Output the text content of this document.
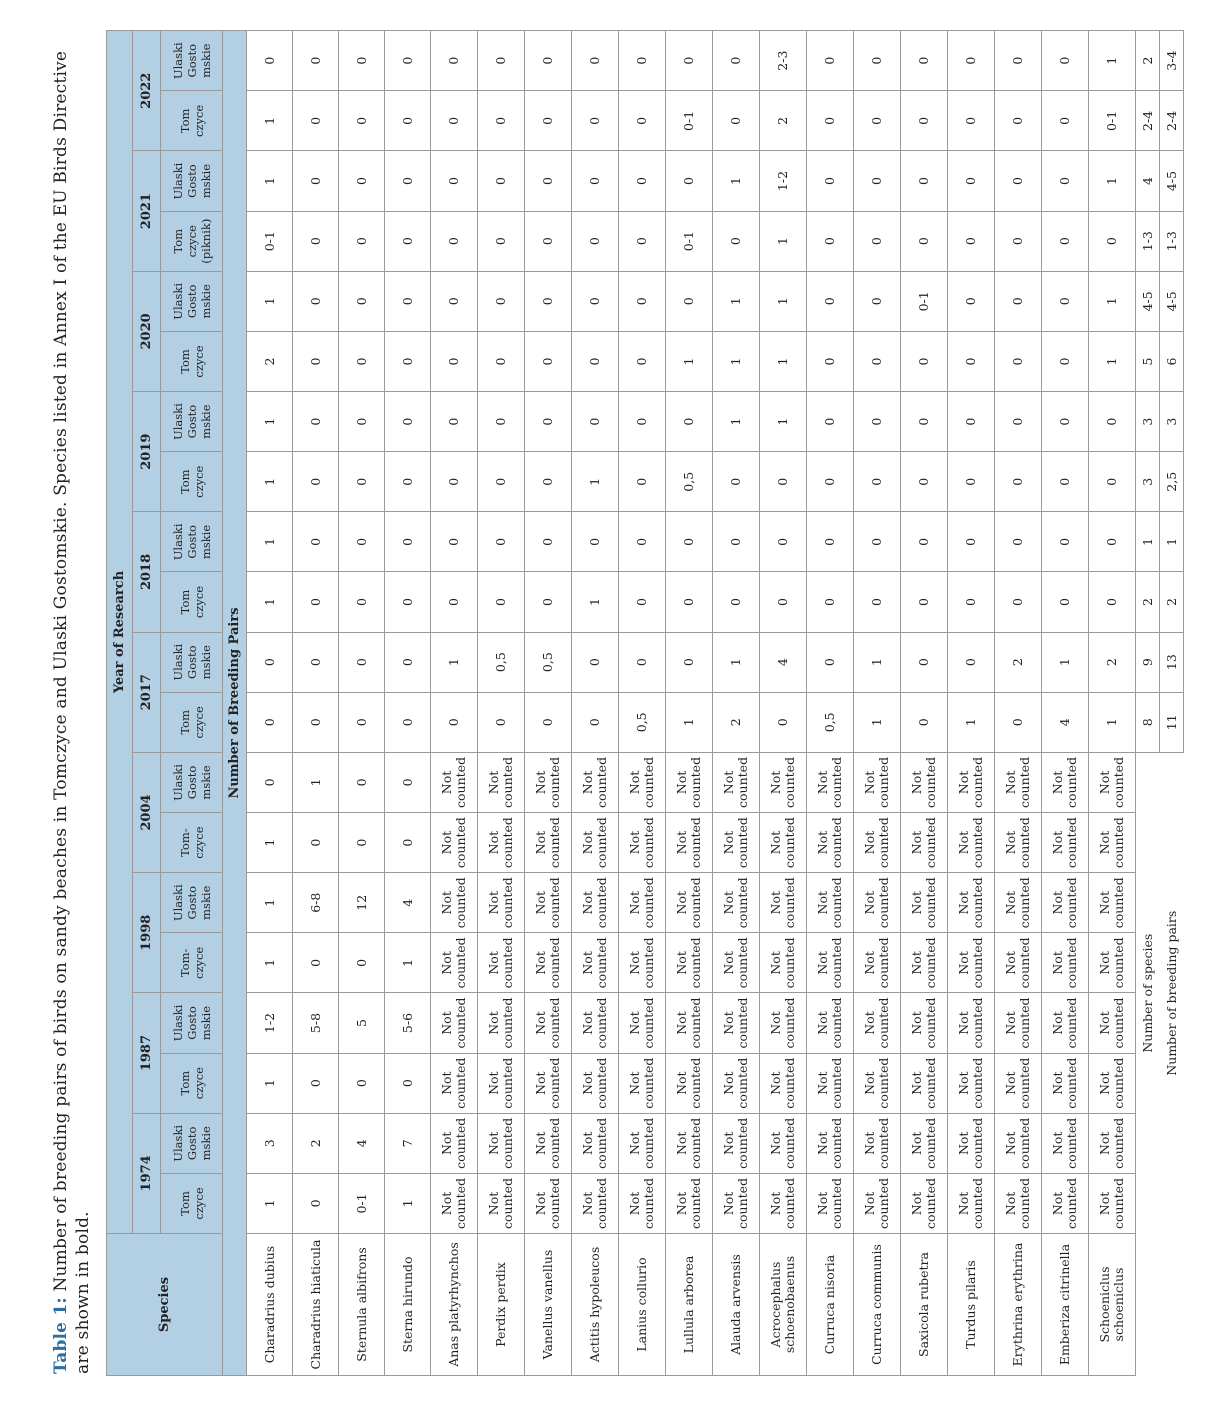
Table 1: Number of breeding pairs of birds on sandy beaches in Tomczyce and Ulaski Gostomskie. Species listed in Annex I of the EU Birds Directive are shown in bold.	Species	Year of Research																			
	1974		1987		1998		2004		2017		2018		2019		2020		2021		2022	
	Tom czyce	Ulaski Gosto mskie	Tom czyce	Ulaski Gosto mskie	Tom- czyce	Ulaski Gosto mskie	Tom- czyce	Ulaski Gosto mskie	Tom czyce	Ulaski Gosto mskie	Tom czyce	Ulaski Gosto mskie	Tom czyce	Ulaski Gosto mskie	Tom czyce	Ulaski Gosto mskie	Tom czyce (piknik)	Ulaski Gosto mskie	Tom czyce	Ulaski Gosto mskie
Number of Breeding Pairs																				
Charadrius dubius	1	3	1	1-2	1	1	1	0	0	0	1	1	1	1	2	1	0-1	1	1	0
Charadrius hiaticula	0	2	0	5-8	0	6-8	0	1	0	0	0	0	0	0	0	0	0	0	0	0
Sternula albifrons	0-1	4	0	5	0	12	0	0	0	0	0	0	0	0	0	0	0	0	0	0
Sterna hirundo	1	7	0	5-6	1	4	0	0	0	0	0	0	0	0	0	0	0	0	0	0
Anas platyrhynchos	Not counted	Not counted	Not counted	Not counted	Not counted	Not counted	Not counted	Not counted	0	1	0	0	0	0	0	0	0	0	0	0
Perdix perdix	Not counted	Not counted	Not counted	Not counted	Not counted	Not counted	Not counted	Not counted	0	0,5	0	0	0	0	0	0	0	0	0	0
Vanellus vanellus	Not counted	Not counted	Not counted	Not counted	Not counted	Not counted	Not counted	Not counted	0	0,5	0	0	0	0	0	0	0	0	0	0
Actitis hypoleucos	Not counted	Not counted	Not counted	Not counted	Not counted	Not counted	Not counted	Not counted	0	0	1	0	1	0	0	0	0	0	0	0
Lanius collurio	Not counted	Not counted	Not counted	Not counted	Not counted	Not counted	Not counted	Not counted	0,5	0	0	0	0	0	0	0	0	0	0	0
Lullula arborea	Not counted	Not counted	Not counted	Not counted	Not counted	Not counted	Not counted	Not counted	1	0	0	0	0,5	0	1	0	0-1	0	0-1	0
Alauda arvensis	Not counted	Not counted	Not counted	Not counted	Not counted	Not counted	Not counted	Not counted	2	1	0	0	0	1	1	1	0	1	0	0
Acrocephalus schoenobaenus	Not counted	Not counted	Not counted	Not counted	Not counted	Not counted	Not counted	Not counted	0	4	0	0	0	1	1	1	1	1-2	2	2-3
Curruca nisoria	Not counted	Not counted	Not counted	Not counted	Not counted	Not counted	Not counted	Not counted	0,5	0	0	0	0	0	0	0	0	0	0	0
Curruca communis	Not counted	Not counted	Not counted	Not counted	Not counted	Not counted	Not counted	Not counted	1	1	0	0	0	0	0	0	0	0	0	0
Saxicola rubetra	Not counted	Not counted	Not counted	Not counted	Not counted	Not counted	Not counted	Not counted	0	0	0	0	0	0	0	0-1	0	0	0	0
Turdus pilaris	Not counted	Not counted	Not counted	Not counted	Not counted	Not counted	Not counted	Not counted	1	0	0	0	0	0	0	0	0	0	0	0
Erythrina erythrina	Not counted	Not counted	Not counted	Not counted	Not counted	Not counted	Not counted	Not counted	0	2	0	0	0	0	0	0	0	0	0	0
Emberiza citrinella	Not counted	Not counted	Not counted	Not counted	Not counted	Not counted	Not counted	Not counted	4	1	0	0	0	0	0	0	0	0	0	0
Schoeniclus schoeniclus	Not counted	Not counted	Not counted	Not counted	Not counted	Not counted	Not counted	Not counted	1	2	0	0	0	0	1	1	0	1	0-1	1
	Number of species								8	9	2	1	3	3	5	4-5	1-3	4	2-4	2
	Number of breeding pairs								11	13	2	1	2,5	3	6	4-5	1-3	4-5	2-4	3-4
